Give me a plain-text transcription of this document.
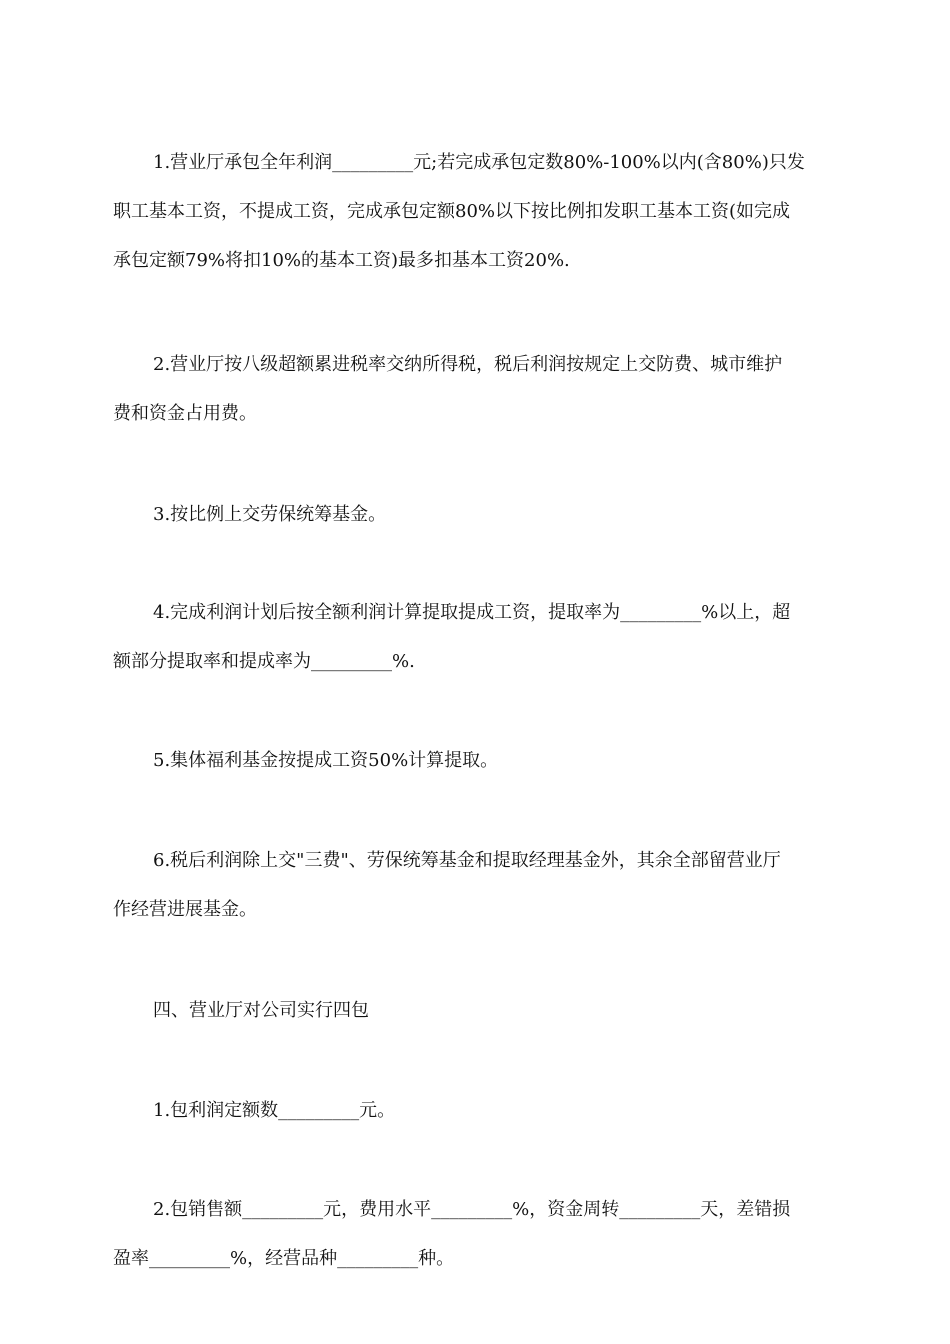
1.营业厅承包全年利润_________元;若完成承包定数80%-100%以内(含80%)只发
职工基本工资，不提成工资，完成承包定额80%以下按比例扣发职工基本工资(如完成
承包定额79%将扣10%的基本工资)最多扣基本工资20%.

2.营业厅按八级超额累进税率交纳所得税，税后利润按规定上交防费、城市维护
费和资金占用费。

3.按比例上交劳保统筹基金。

4.完成利润计划后按全额利润计算提取提成工资，提取率为_________%以上，超
额部分提取率和提成率为_________%.

5.集体福利基金按提成工资50%计算提取。

6.税后利润除上交"三费"、劳保统筹基金和提取经理基金外，其余全部留营业厅
作经营进展基金。

四、营业厅对公司实行四包

1.包利润定额数_________元。

2.包销售额_________元，费用水平_________%，资金周转_________天，差错损
盈率_________%，经营品种_________种。
